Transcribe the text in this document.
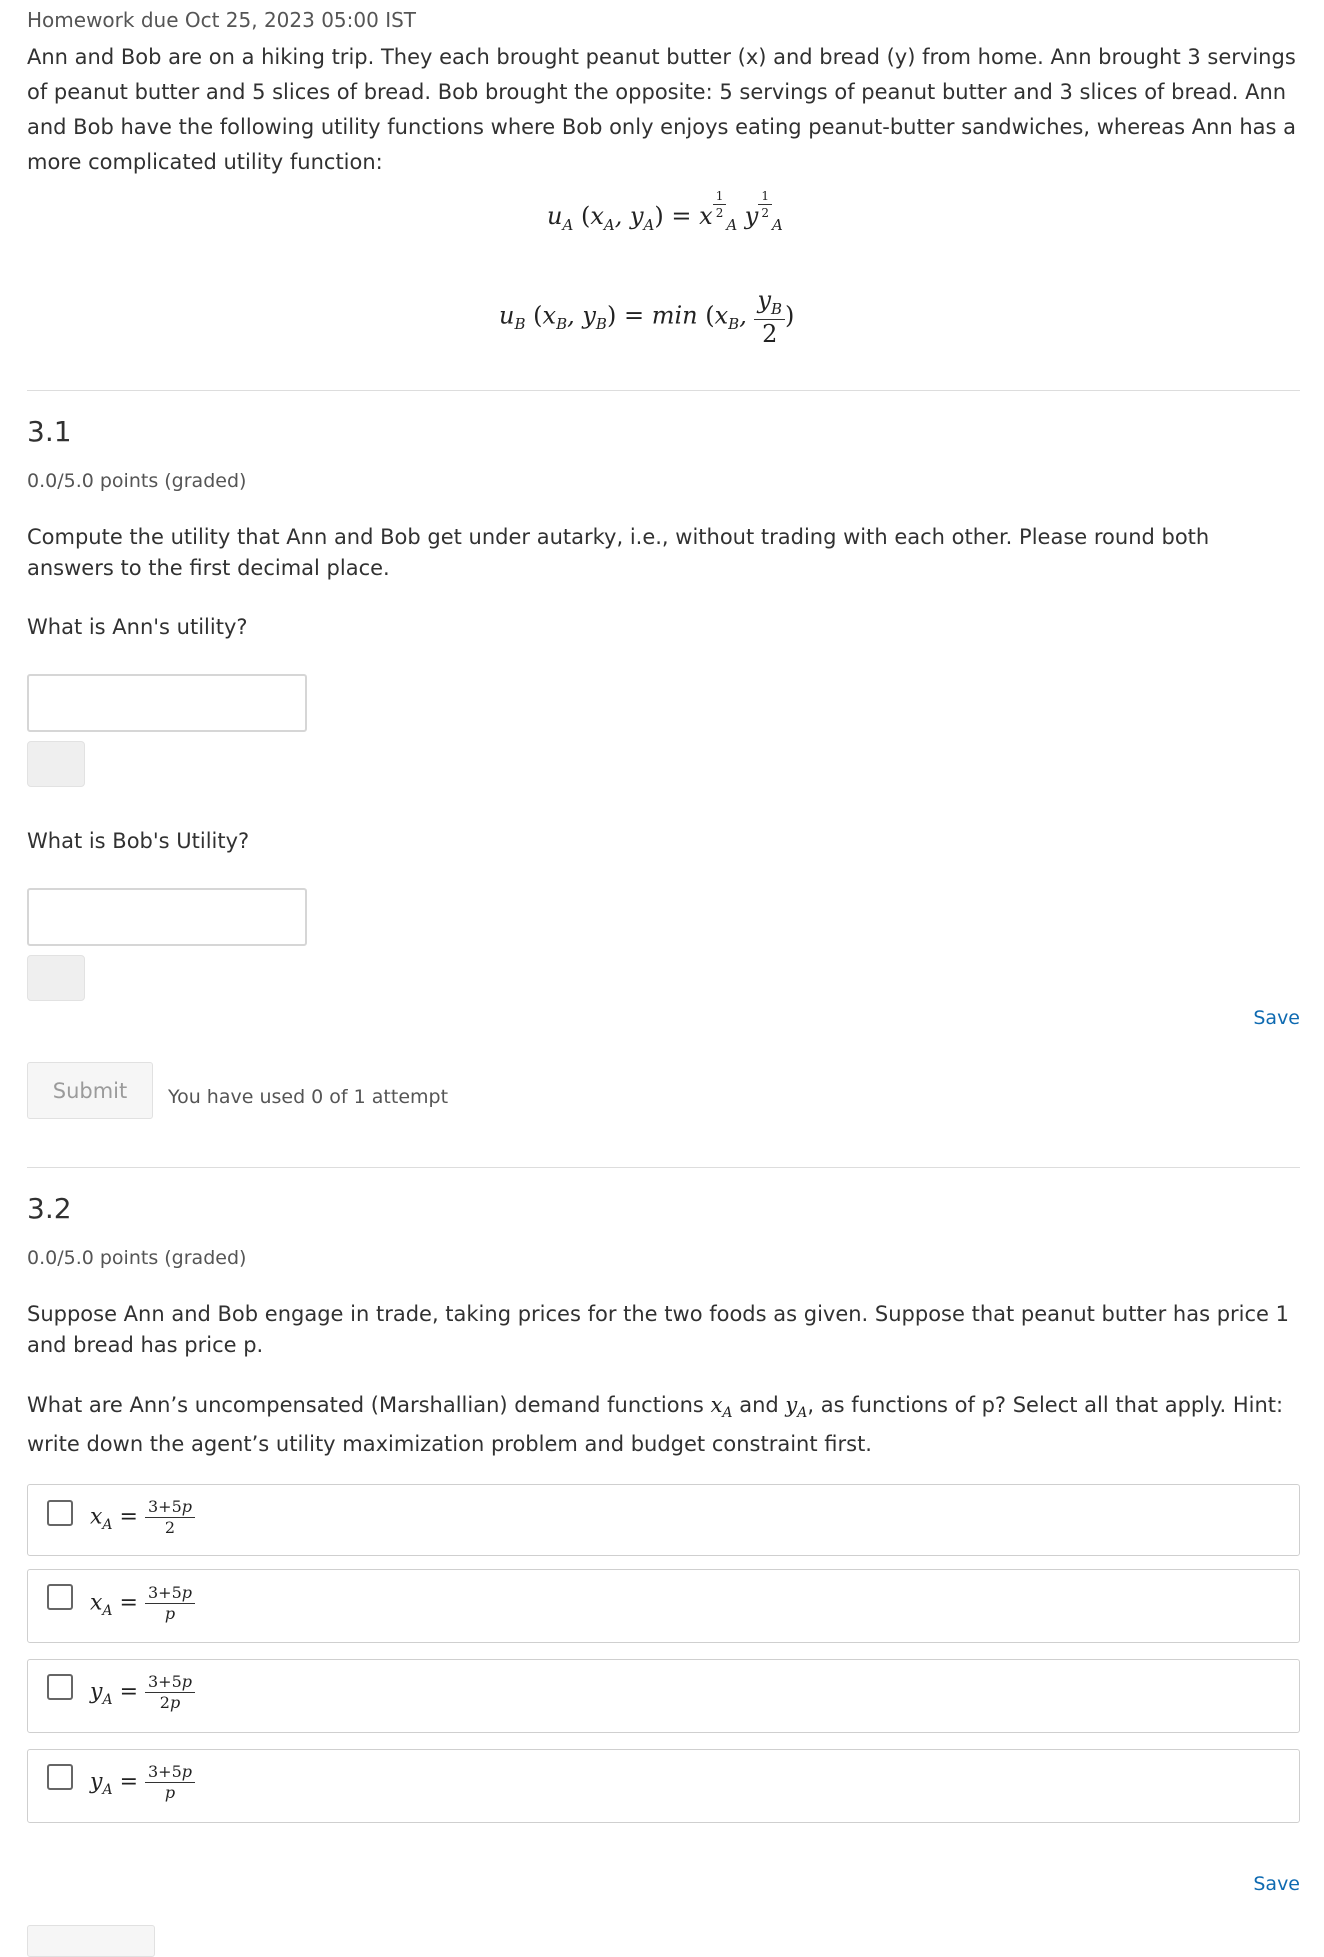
Homework due Oct 25, 2023 05:00 IST
Ann and Bob are on a hiking trip. They each brought peanut butter (x) and bread (y) from home. Ann brought 3 servings of peanut butter and 5 slices of bread. Bob brought the opposite: 5 servings of peanut butter and 3 slices of bread. Ann and Bob have the following utility functions where Bob only enjoys eating peanut-butter sandwiches, whereas Ann has a more complicated utility function:
$u_A$ ($x_A$, $y_A) = x \frac{1}{2}$
$_A$ y $\frac{1}{2}$
$_A$
$u_B$ ($x_B$, $y_B) = \min (x_B$, $\frac{y_B}{2}$ )
3.1
0.0/5.0 points (graded)
Compute the utility that Ann and Bob get under autarky, i.e., without trading with each other. Please round both answers to the first decimal place.
What is Ann's utility?
What is Bob's Utility?
Save
Submit	You have used 0 of 1 attempt
3.2
0.0/5.0 points (graded)
Suppose Ann and Bob engage in trade, taking prices for the two foods as given. Suppose that peanut butter has price 1 and bread has price p.
What are Ann’s uncompensated (Marshallian) demand functions $x_A$ and $y_A$, as functions of p? Select all that apply. Hint: write down the agent’s utility maximization problem and budget constraint first.
$x_A = \frac{3+5p}{2}$
$x_A = \frac{3+5p}{p}$
$y_A = \frac{3+5p}{2p}$
$y_A = \frac{3+5p}{p}$
Save
